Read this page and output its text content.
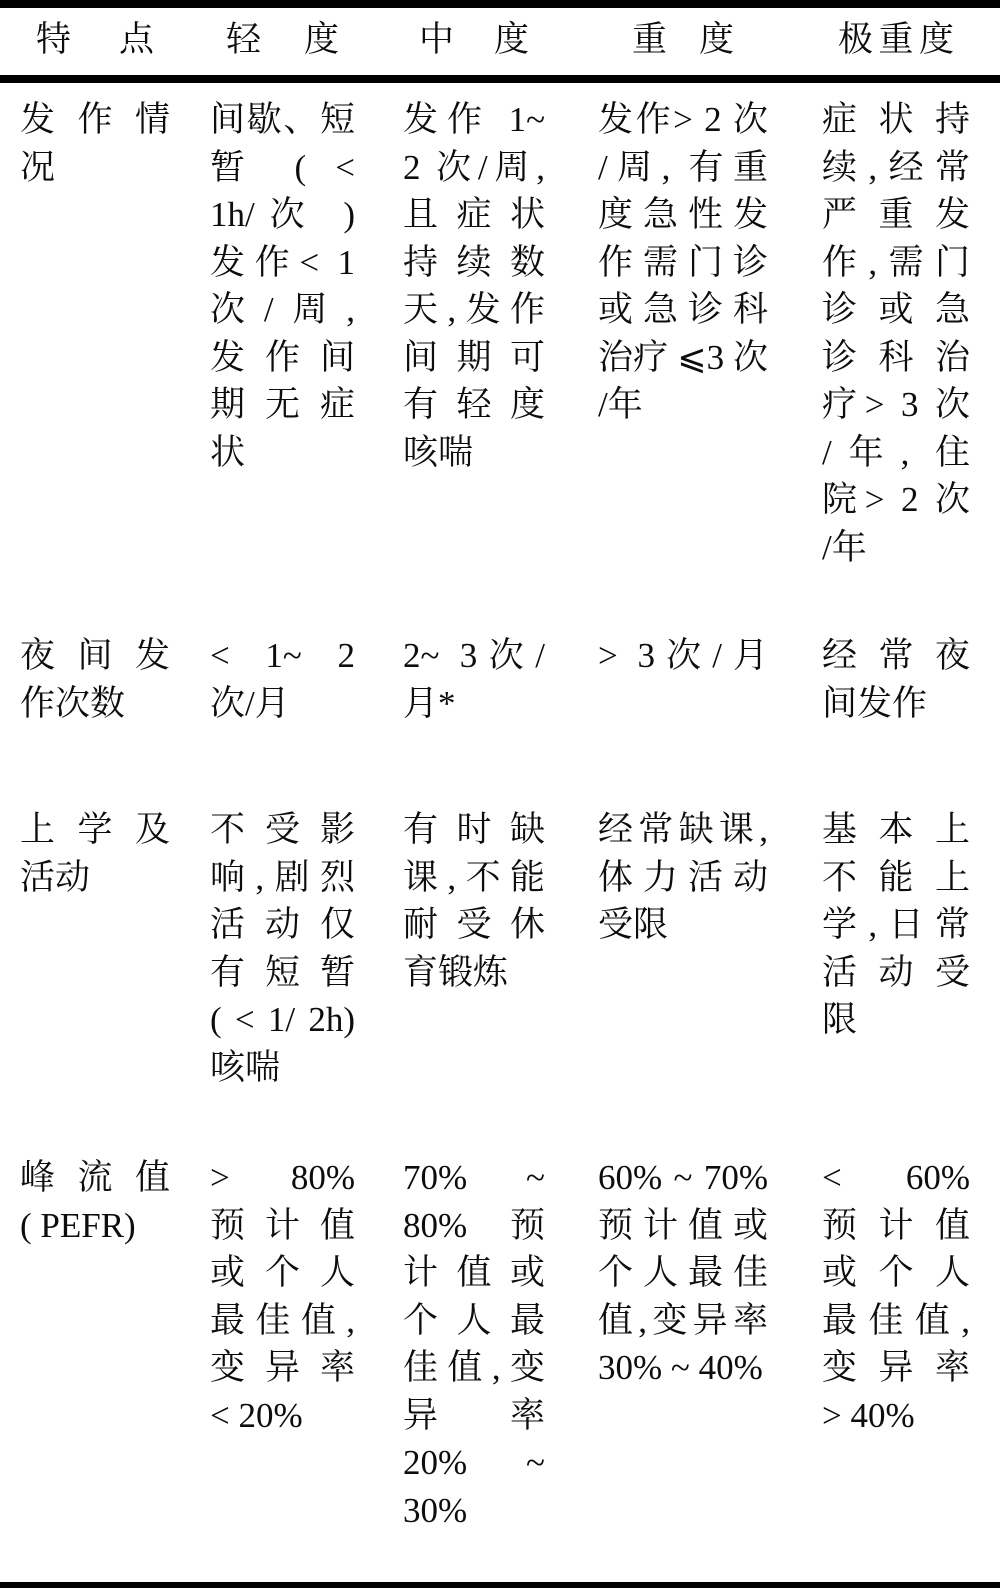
特点 轻度 中度	重度	极重度
发作情
况
间歇、短
暂 ( <
1h/次 )
发作< 1
次/周,
发作间
期无症
状
发作 1~
2 次/周,
且症状
持续数
天,发作
间期可
有轻度
咳喘
发作> 2 次
/周, 有重
度急性发
作需门诊
或急诊科
治疗 ⩽3 次
/年
症状持
续,经常
严重发
作,需门
诊或急
诊科治
疗> 3 次
/年, 住
院> 2 次
/年
夜间发
作次数
< 1~ 2
次/月
2~ 3次/
月*
> 3次/月 经常夜
间发作
上学及
活动
不受影
响,剧烈
活动仅
有短暂
( < 1/ 2h)
咳喘
有时缺
课,不能
耐受休
育锻炼
经常缺课,
体力活动
受限
基本上
不能上
学,日常
活动受
限
峰流值
( PEFR)
> 80%
预计值
或个人
最佳值,
变异率
< 20%
70% ~
80% 预
计值或
个人最
佳值,变
异 率
20% ~
30%
60% ~ 70%
预计值或
个人最佳
值,变异率
30% ~ 40%
< 60%
预计值
或个人
最佳值,
变异率
> 40%
